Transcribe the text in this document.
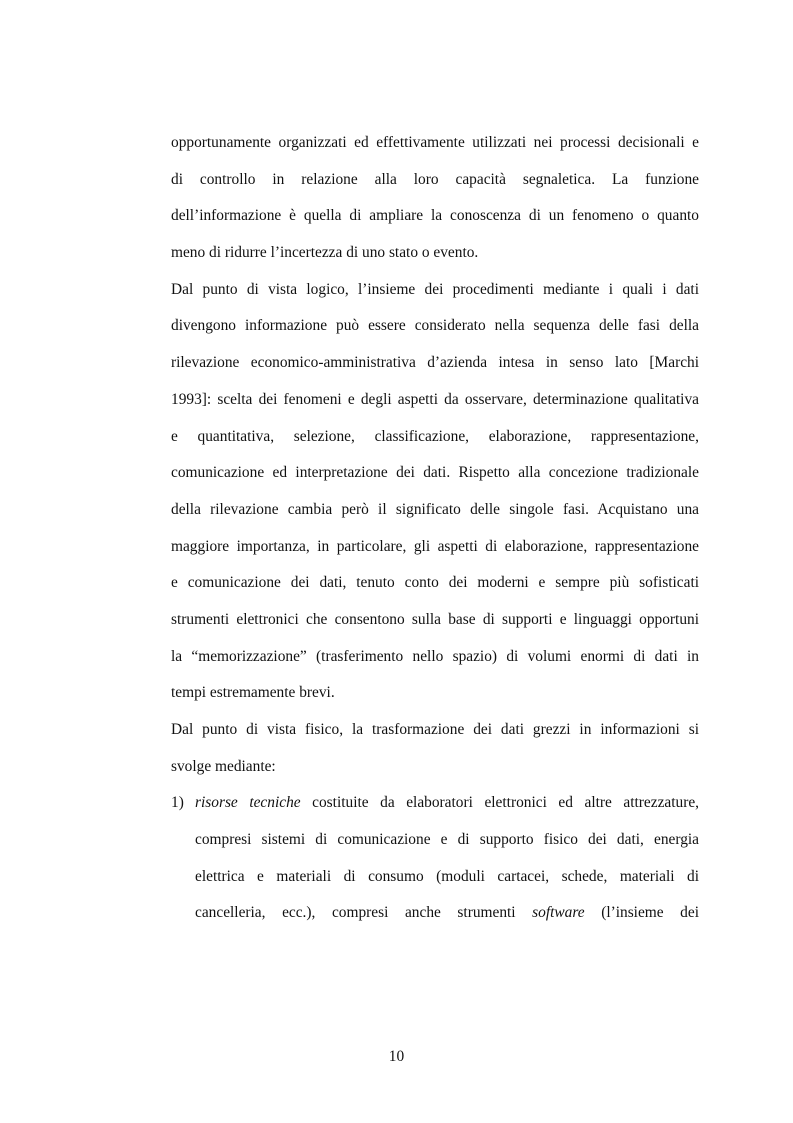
opportunamente organizzati ed effettivamente utilizzati nei processi decisionali e
di controllo in relazione alla loro capacità segnaletica. La funzione
dell’informazione è quella di ampliare la conoscenza di un fenomeno o quanto
meno di ridurre l’incertezza di uno stato o evento.
Dal punto di vista logico, l’insieme dei procedimenti mediante i quali i dati
divengono informazione può essere considerato nella sequenza delle fasi della
rilevazione economico-amministrativa d’azienda intesa in senso lato [Marchi
1993]: scelta dei fenomeni e degli aspetti da osservare, determinazione qualitativa
e quantitativa, selezione, classificazione, elaborazione, rappresentazione,
comunicazione ed interpretazione dei dati. Rispetto alla concezione tradizionale
della rilevazione cambia però il significato delle singole fasi. Acquistano una
maggiore importanza, in particolare, gli aspetti di elaborazione, rappresentazione
e comunicazione dei dati, tenuto conto dei moderni e sempre più sofisticati
strumenti elettronici che consentono sulla base di supporti e linguaggi opportuni
la “memorizzazione” (trasferimento nello spazio) di volumi enormi di dati in
tempi estremamente brevi.
Dal punto di vista fisico, la trasformazione dei dati grezzi in informazioni si
svolge mediante:
1) risorse tecniche costituite da elaboratori elettronici ed altre attrezzature,
compresi sistemi di comunicazione e di supporto fisico dei dati, energia
elettrica e materiali di consumo (moduli cartacei, schede, materiali di
cancelleria, ecc.), compresi anche strumenti software (l’insieme dei
10
